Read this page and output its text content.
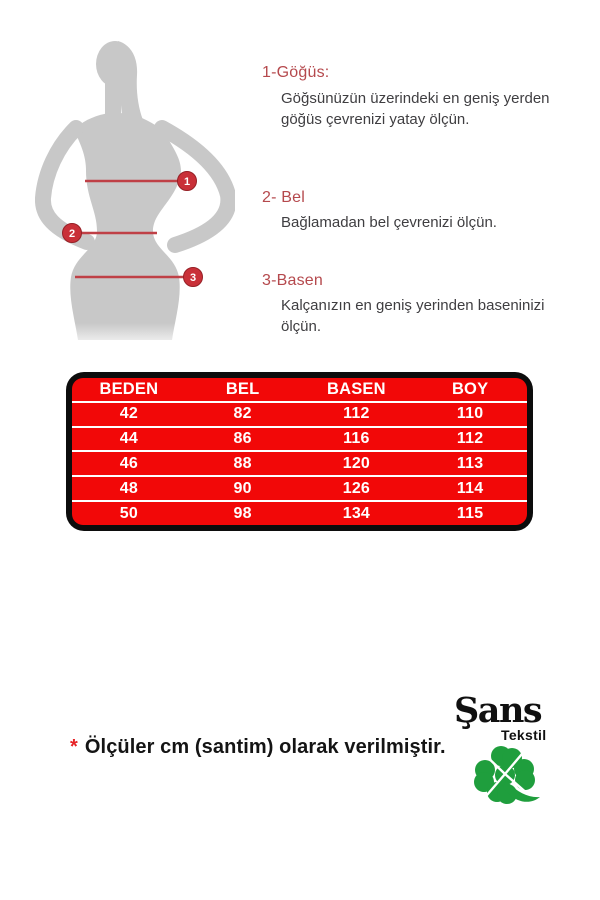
1
2
3
1-Göğüs:
Göğsünüzün üzerindeki en geniş yerden göğüs çevrenizi yatay ölçün.
2- Bel
Bağlamadan bel çevrenizi ölçün.
3-Basen
Kalçanızın en geniş yerinden baseninizi ölçün.
BEDEN	BEL	BASEN	BOY
42	82	112	110
44	86	116	112
46	88	120	113
48	90	126	114
50	98	134	115
* Ölçüler cm (santim) olarak verilmiştir.
Şans
Tekstil
